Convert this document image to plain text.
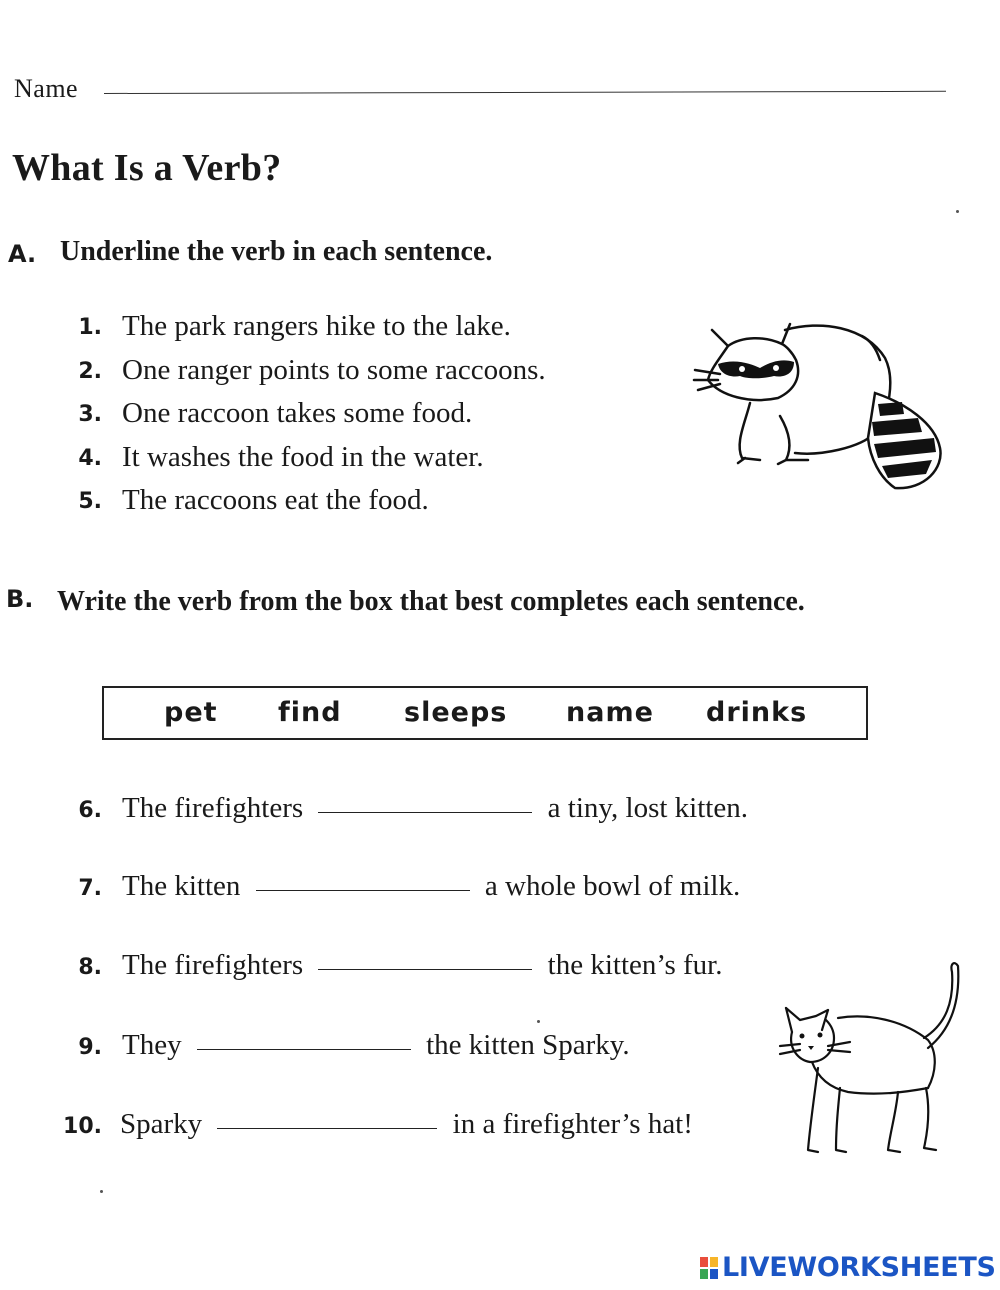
Name
What Is a Verb?
A. Underline the verb in each sentence.
1. The park rangers hike to the lake.
2. One ranger points to some raccoons.
3. One raccoon takes some food.
4. It washes the food in the water.
5. The raccoons eat the food.
B. Write the verb from the box that best completes each sentence.
pet find sleeps name drinks
6. The firefighters	a tiny, lost kitten.
7. The kitten	a whole bowl of milk.
8. The firefighters	the kitten’s fur.
9. They	the kitten Sparky.
10. Sparky	in a firefighter’s hat!
LIVEWORKSHEETS
